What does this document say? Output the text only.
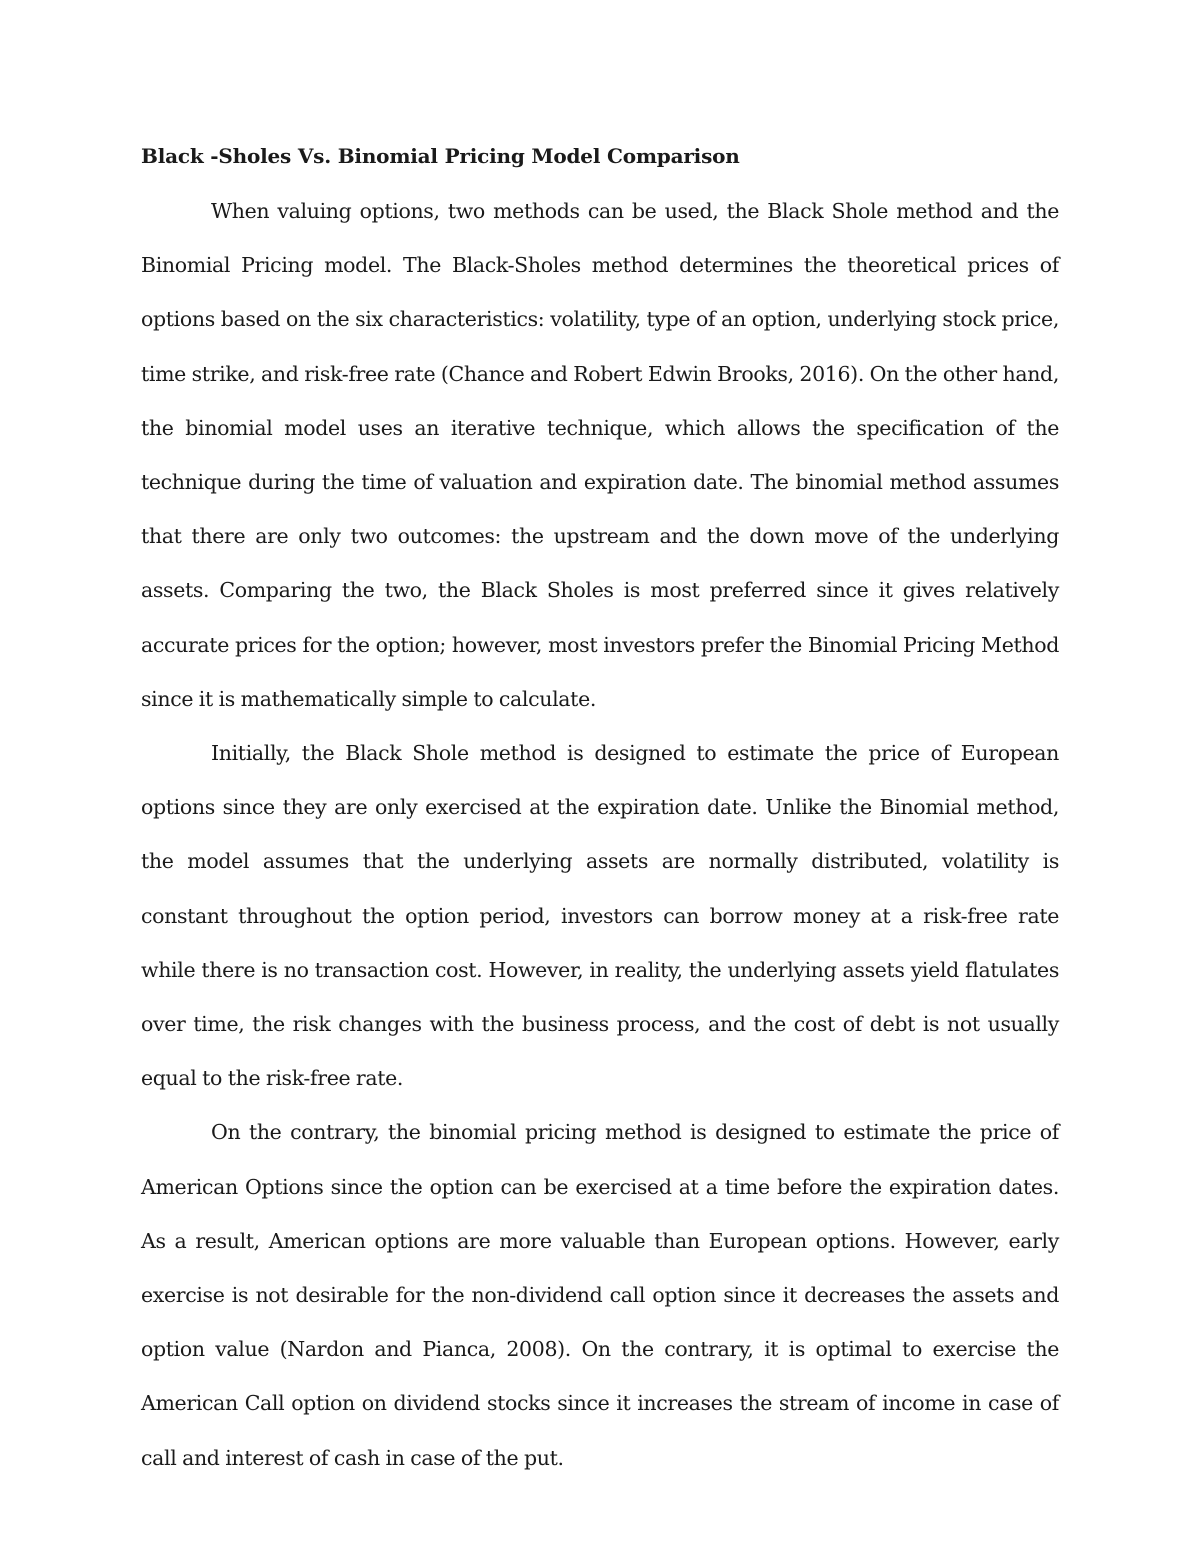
Black -Sholes Vs. Binomial Pricing Model Comparison

When valuing options, two methods can be used, the Black Shole method and the Binomial Pricing model. The Black-Sholes method determines the theoretical prices of options based on the six characteristics: volatility, type of an option, underlying stock price, time strike, and risk-free rate (Chance and Robert Edwin Brooks, 2016). On the other hand, the binomial model uses an iterative technique, which allows the specification of the technique during the time of valuation and expiration date. The binomial method assumes that there are only two outcomes: the upstream and the down move of the underlying assets. Comparing the two, the Black Sholes is most preferred since it gives relatively accurate prices for the option; however, most investors prefer the Binomial Pricing Method since it is mathematically simple to calculate.

Initially, the Black Shole method is designed to estimate the price of European options since they are only exercised at the expiration date. Unlike the Binomial method, the model assumes that the underlying assets are normally distributed, volatility is constant throughout the option period, investors can borrow money at a risk-free rate while there is no transaction cost. However, in reality, the underlying assets yield flatulates over time, the risk changes with the business process, and the cost of debt is not usually equal to the risk-free rate.

On the contrary, the binomial pricing method is designed to estimate the price of American Options since the option can be exercised at a time before the expiration dates. As a result, American options are more valuable than European options. However, early exercise is not desirable for the non-dividend call option since it decreases the assets and option value (Nardon and Pianca, 2008). On the contrary, it is optimal to exercise the American Call option on dividend stocks since it increases the stream of income in case of call and interest of cash in case of the put.
